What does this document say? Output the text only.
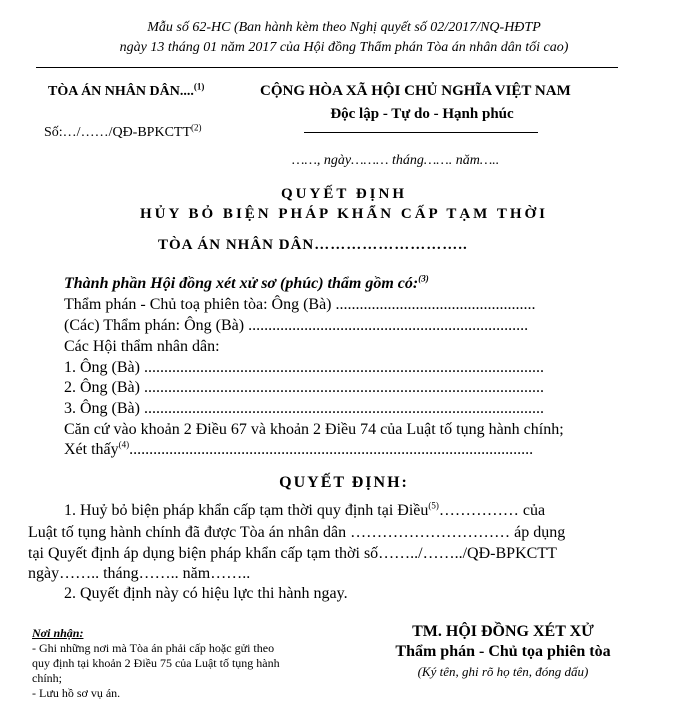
Mẫu số 62-HC (Ban hành kèm theo Nghị quyết số 02/2017/NQ-HĐTP
ngày 13 tháng 01 năm 2017 của Hội đồng Thẩm phán Tòa án nhân dân tối cao)
TÒA ÁN NHÂN DÂN....$^{(1)}$
Số:…/……/QĐ-BPKCTT$^{(2)}$
CỘNG HÒA XÃ HỘI CHỦ NGHĨA VIỆT NAM
Độc lập - Tự do - Hạnh phúc
……, ngày……… tháng……. năm…..
QUYẾT ĐỊNH
HỦY BỎ BIỆN PHÁP KHẨN CẤP TẠM THỜI
TÒA ÁN NHÂN DÂN………………………..
Thành phần Hội đồng xét xử sơ (phúc) thẩm gồm có:$^{(3)}$
Thẩm phán - Chủ toạ phiên tòa: Ông (Bà) ..................................................
(Các) Thẩm phán: Ông (Bà) ......................................................................
Các Hội thẩm nhân dân:
1. Ông (Bà) ....................................................................................................
2. Ông (Bà) ....................................................................................................
3. Ông (Bà) ....................................................................................................
Căn cứ vào khoản 2 Điều 67 và khoản 2 Điều 74 của Luật tố tụng hành chính;
Xét thấy$^{(4)}$.....................................................................................................
QUYẾT ĐỊNH:
1. Huỷ bỏ biện pháp khẩn cấp tạm thời quy định tại Điều$^{(5)}$…………… của
Luật tố tụng hành chính đã được Tòa án nhân dân ………………………… áp dụng
tại Quyết định áp dụng biện pháp khẩn cấp tạm thời số……../……../QĐ-BPKCTT
ngày…….. tháng…….. năm……..
2. Quyết định này có hiệu lực thi hành ngay.
Nơi nhận:
- Ghi những nơi mà Tòa án phải cấp hoặc gửi theo
quy định tại khoản 2 Điều 75 của Luật tố tụng hành
chính;
- Lưu hồ sơ vụ án.
TM. HỘI ĐỒNG XÉT XỬ
Thẩm phán - Chủ tọa phiên tòa
(Ký tên, ghi rõ họ tên, đóng dấu)
